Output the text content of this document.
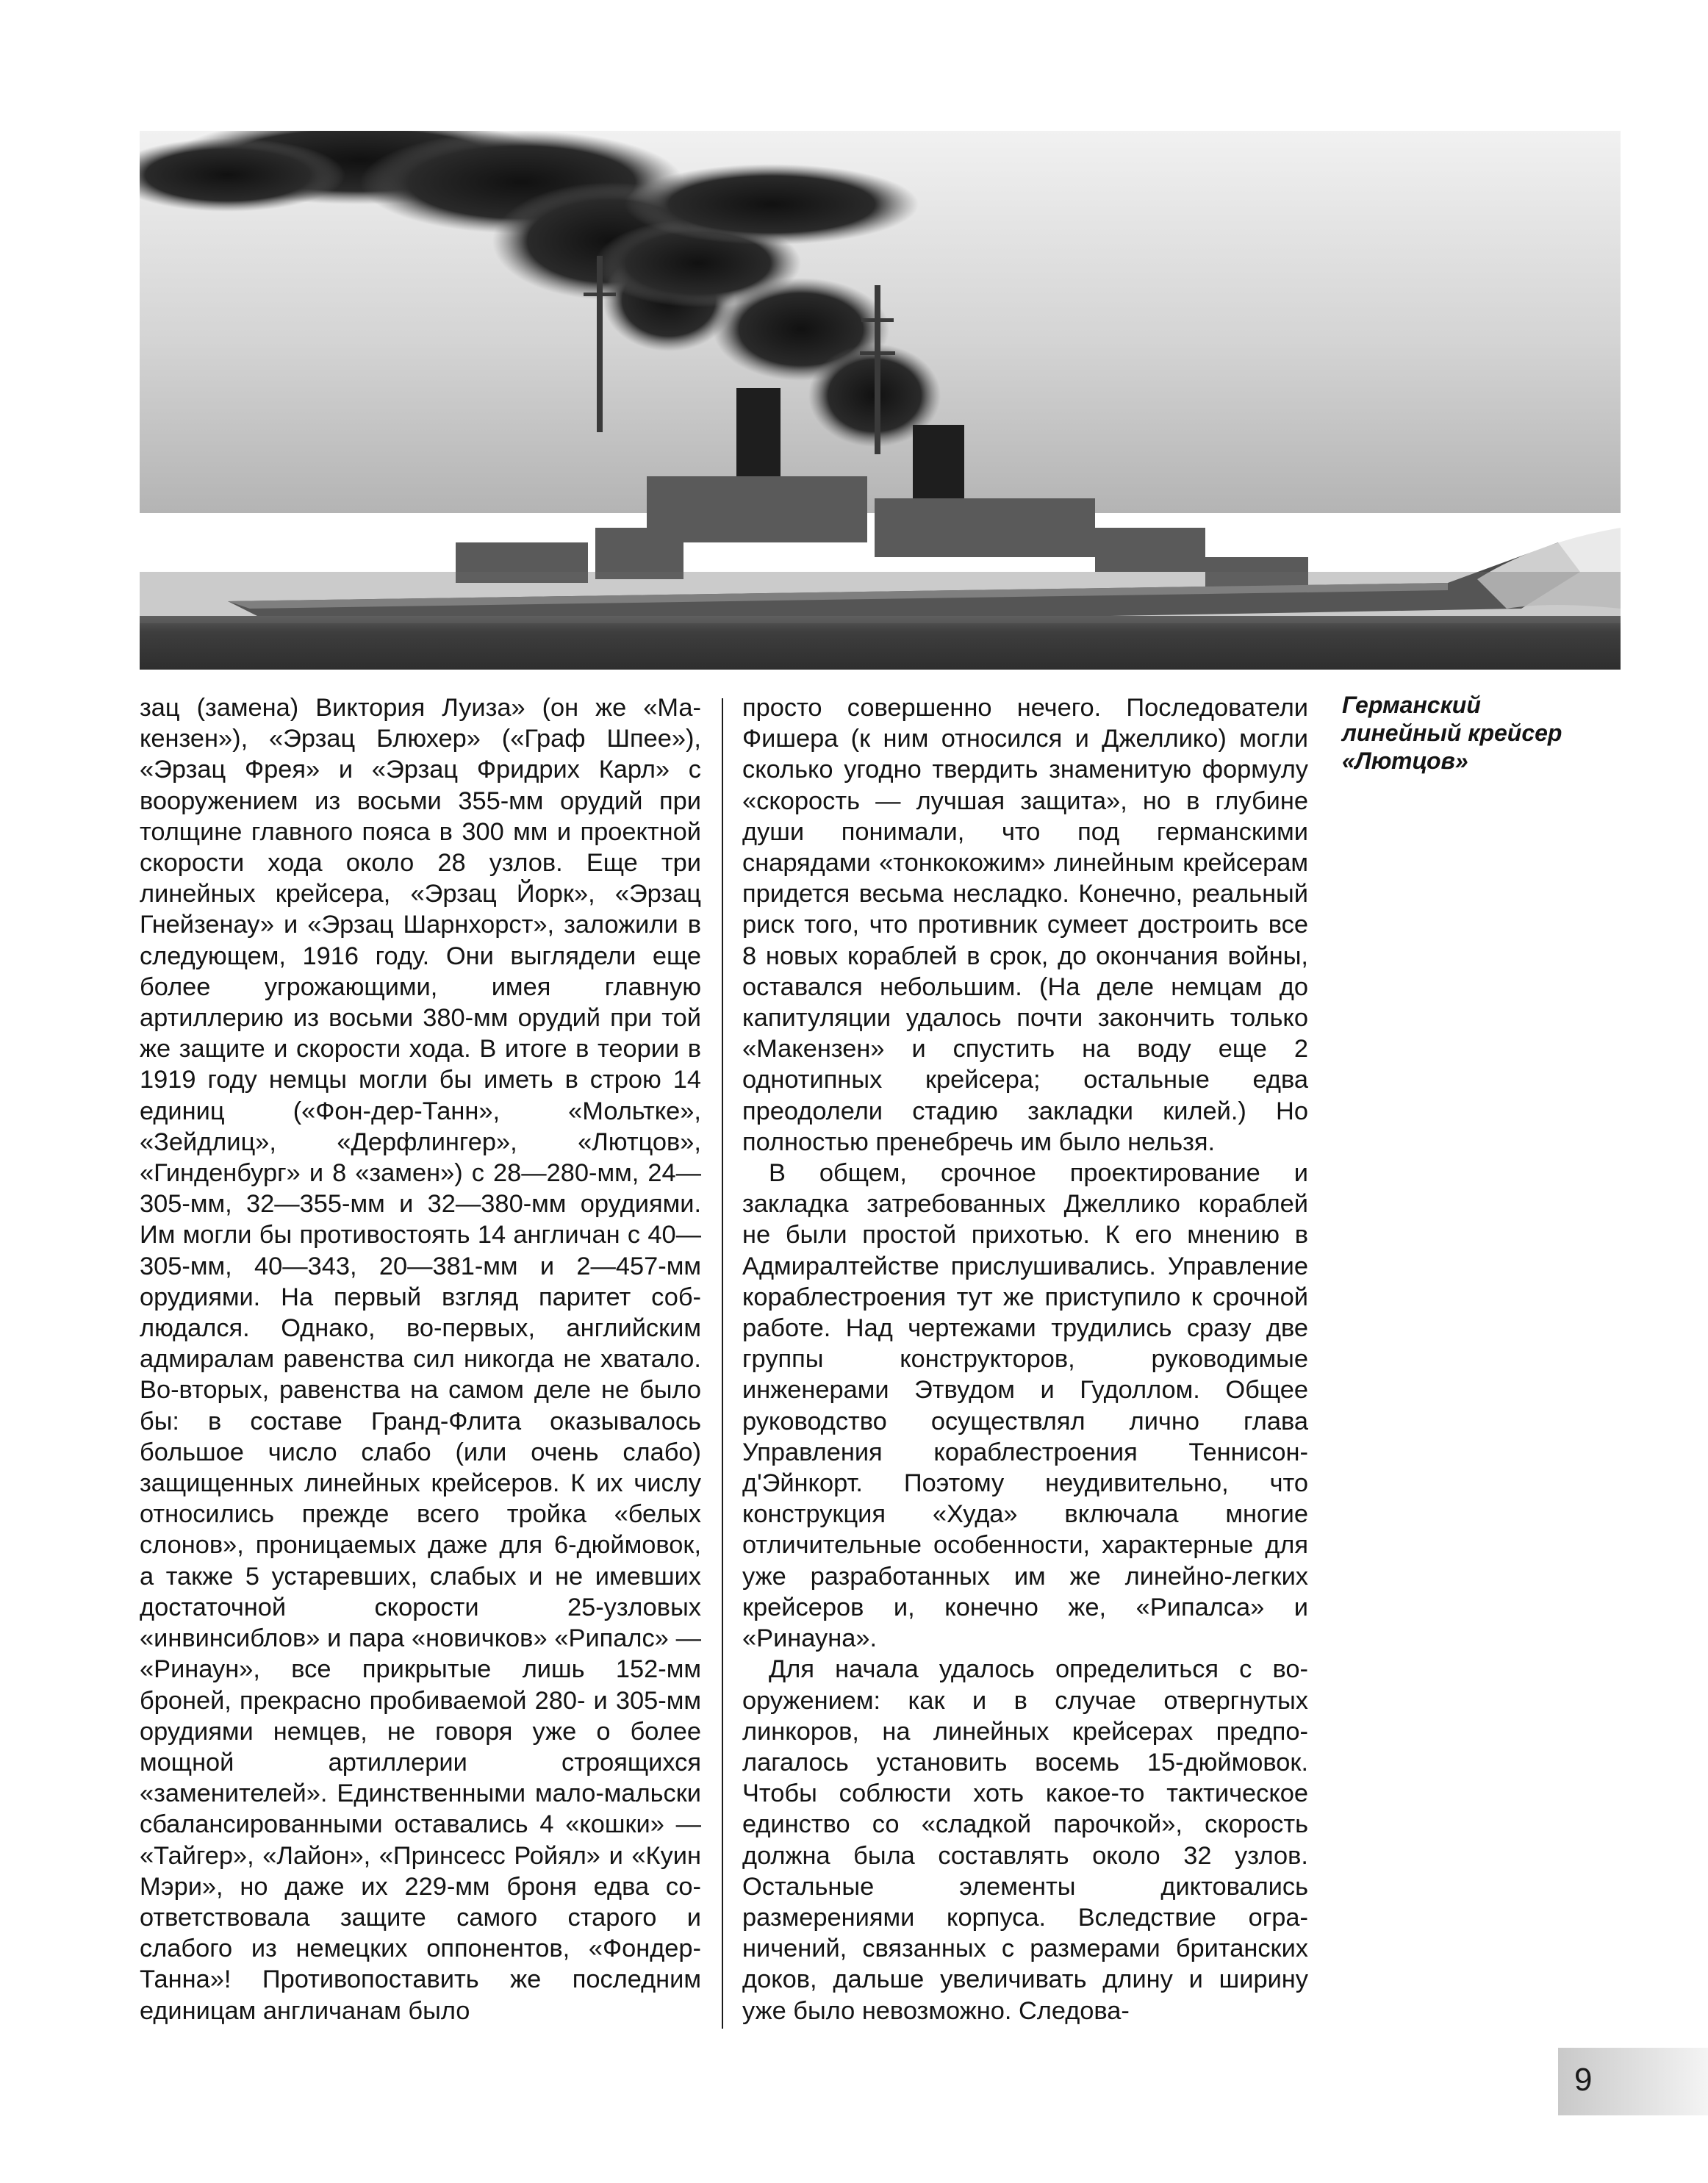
Германский
линейный крейсер
«Лютцов»

зац (замена) Виктория Луиза» (он же «Макензен»), «Эрзац Блюхер» («Граф Шпее»), «Эрзац Фрея» и «Эрзац Фридрих Карл» с вооружением из восьми 355-мм орудий при толщине главного пояса в 300 мм и проектной скорости хода около 28 узлов. Еще три линейных крейсера, «Эрзац Йорк», «Эрзац Гнейзенау» и «Эрзац Шарнхорст», заложили в следующем, 1916 году. Они выглядели еще более угрожающими, имея главную артиллерию из восьми 380-мм орудий при той же защите и скорости хода. В итоге в теории в 1919 году немцы могли бы иметь в строю 14 единиц («Фон-дер-Танн», «Мольтке», «Зейдлиц», «Дерфлингер», «Лютцов», «Гинденбург» и 8 «замен») с 28—280-мм, 24—305-мм, 32—355-мм и 32—380-мм орудиями. Им могли бы противостоять 14 англичан с 40—305-мм, 40—343, 20—381-мм и 2—457-мм орудиями. На первый взгляд паритет соблюдался. Однако, во-первых, английским адмиралам равенства сил никогда не хватало. Во-вторых, равенства на самом деле не было бы: в составе Гранд-Флита оказывалось большое число слабо (или очень слабо) защищенных линейных крейсеров. К их числу относились прежде всего тройка «белых слонов», проницаемых даже для 6-дюймовок, а также 5 устаревших, слабых и не имевших достаточной скорости 25-узловых «инвинсиблов» и пара «новичков» «Рипалс» — «Ринаун», все прикрытые лишь 152-мм броней, прекрасно пробиваемой 280- и 305-мм орудиями немцев, не говоря уже о более мощной артиллерии строящихся «заменителей». Единственными мало-мальски сбалансированными оставались 4 «кошки» — «Тайгер», «Лайон», «Принсесс Ройял» и «Куин Мэри», но даже их 229-мм броня едва соответствовала защите самого старого и слабого из немецких оппонентов, «Фондер-Танна»! Противопоставить же последним единицам англичанам было

просто совершенно нечего. Последователи Фишера (к ним относился и Джеллико) могли сколько угодно твердить знаменитую формулу «скорость — лучшая защита», но в глубине души понимали, что под германскими снарядами «тонкокожим» линейным крейсерам придется весьма несладко. Конечно, реальный риск того, что противник сумеет достроить все 8 новых кораблей в срок, до окончания войны, оставался небольшим. (На деле немцам до капитуляции удалось почти закончить только «Макензен» и спустить на воду еще 2 однотипных крейсера; остальные едва преодолели стадию закладки килей.) Но полностью пренебречь им было нельзя.

В общем, срочное проектирование и закладка затребованных Джеллико кораблей не были простой прихотью. К его мнению в Адмиралтействе прислушивались. Управление кораблестроения тут же приступило к срочной работе. Над чертежами трудились сразу две группы конструкторов, руководимые инженерами Этвудом и Гудоллом. Общее руководство осуществлял лично глава Управления кораблестроения Теннисон-д'Эйнкорт. Поэтому неудивительно, что конструкция «Худа» включала многие отличительные особенности, характерные для уже разработанных им же линейно-легких крейсеров и, конечно же, «Рипалса» и «Ринауна».

Для начала удалось определиться с вооружением: как и в случае отвергнутых линкоров, на линейных крейсерах предполагалось установить восемь 15-дюймовок. Чтобы соблюсти хоть какое-то тактическое единство со «сладкой парочкой», скорость должна была составлять около 32 узлов. Остальные элементы диктовались размерениями корпуса. Вследствие ограничений, связанных с размерами британских доков, дальше увеличивать длину и ширину уже было невозможно. Следова-

9
